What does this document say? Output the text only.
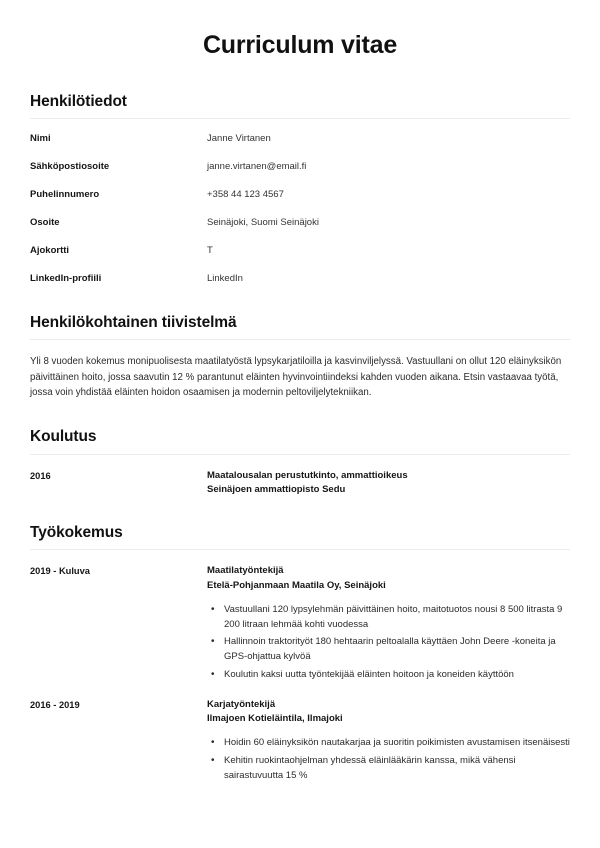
Curriculum vitae
Henkilötiedot
Nimi	Janne Virtanen
Sähköpostiosoite	janne.virtanen@email.fi
Puhelinnumero	+358 44 123 4567
Osoite	Seinäjoki, Suomi Seinäjoki
Ajokortti	T
LinkedIn-profiili	LinkedIn
Henkilökohtainen tiivistelmä

Yli 8 vuoden kokemus monipuolisesta maatilatyöstä lypsykarjatiloilla ja kasvinviljelyssä. Vastuullani on ollut 120 eläinyksikön päivittäinen hoito, jossa saavutin 12 % parantunut eläinten hyvinvointiindeksi kahden vuoden aikana. Etsin vastaavaa työtä, jossa voin yhdistää eläinten hoidon osaamisen ja modernin peltoviljelytekniikan.

Koulutus
2016	Maatalousalan perustutkinto, ammattioikeus
Seinäjoen ammattiopisto Sedu
Työkokemus
2019 - Kuluva	Maatilatyöntekijä
Etelä-Pohjanmaan Maatila Oy, Seinäjoki
• Vastuullani 120 lypsylehmän päivittäinen hoito, maitotuotos nousi 8 500 litrasta 9 200 litraan lehmää kohti vuodessa
• Hallinnoin traktorityöt 180 hehtaarin peltoalalla käyttäen John Deere -koneita ja GPS-ohjattua kylvöä
• Koulutin kaksi uutta työntekijää eläinten hoitoon ja koneiden käyttöön
2016 - 2019	Karjatyöntekijä
Ilmajoen Kotieläintila, Ilmajoki
• Hoidin 60 eläinyksikön nautakarjaa ja suoritin poikimisten avustamisen itsenäisesti
• Kehitin ruokintaohjelman yhdessä eläinlääkärin kanssa, mikä vähensi sairastuvuutta 15 %
